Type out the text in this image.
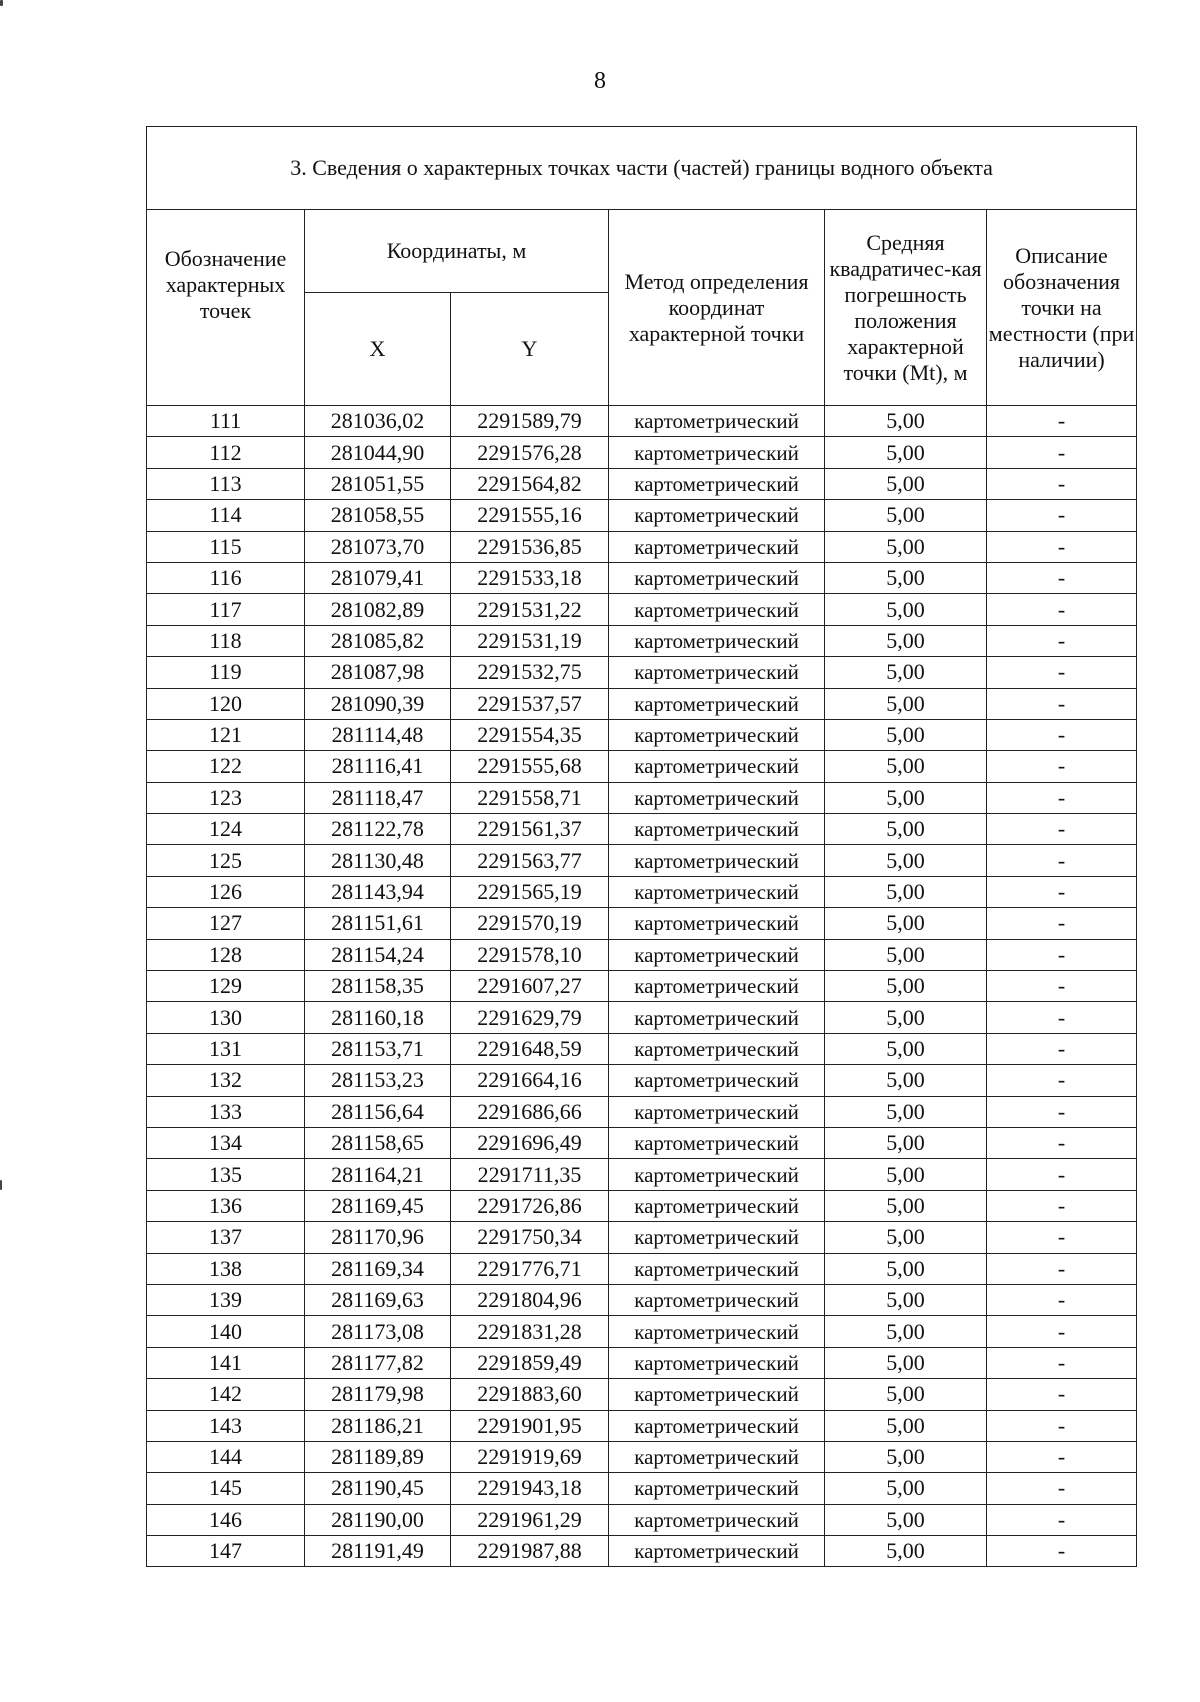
8
3. Сведения о характерных точках части (частей) границы водного объекта					
Обозначение характерных точек	Координаты, м		Метод определения координат характерной точки	Средняя квадратичес-кая погрешность положения характерной точки (Mt), м	Описание обозначения точки на местности (при наличии)
	X	Y			
111	281036,02	2291589,79	картометрический	5,00	-
112	281044,90	2291576,28	картометрический	5,00	-
113	281051,55	2291564,82	картометрический	5,00	-
114	281058,55	2291555,16	картометрический	5,00	-
115	281073,70	2291536,85	картометрический	5,00	-
116	281079,41	2291533,18	картометрический	5,00	-
117	281082,89	2291531,22	картометрический	5,00	-
118	281085,82	2291531,19	картометрический	5,00	-
119	281087,98	2291532,75	картометрический	5,00	-
120	281090,39	2291537,57	картометрический	5,00	-
121	281114,48	2291554,35	картометрический	5,00	-
122	281116,41	2291555,68	картометрический	5,00	-
123	281118,47	2291558,71	картометрический	5,00	-
124	281122,78	2291561,37	картометрический	5,00	-
125	281130,48	2291563,77	картометрический	5,00	-
126	281143,94	2291565,19	картометрический	5,00	-
127	281151,61	2291570,19	картометрический	5,00	-
128	281154,24	2291578,10	картометрический	5,00	-
129	281158,35	2291607,27	картометрический	5,00	-
130	281160,18	2291629,79	картометрический	5,00	-
131	281153,71	2291648,59	картометрический	5,00	-
132	281153,23	2291664,16	картометрический	5,00	-
133	281156,64	2291686,66	картометрический	5,00	-
134	281158,65	2291696,49	картометрический	5,00	-
135	281164,21	2291711,35	картометрический	5,00	-
136	281169,45	2291726,86	картометрический	5,00	-
137	281170,96	2291750,34	картометрический	5,00	-
138	281169,34	2291776,71	картометрический	5,00	-
139	281169,63	2291804,96	картометрический	5,00	-
140	281173,08	2291831,28	картометрический	5,00	-
141	281177,82	2291859,49	картометрический	5,00	-
142	281179,98	2291883,60	картометрический	5,00	-
143	281186,21	2291901,95	картометрический	5,00	-
144	281189,89	2291919,69	картометрический	5,00	-
145	281190,45	2291943,18	картометрический	5,00	-
146	281190,00	2291961,29	картометрический	5,00	-
147	281191,49	2291987,88	картометрический	5,00	-
